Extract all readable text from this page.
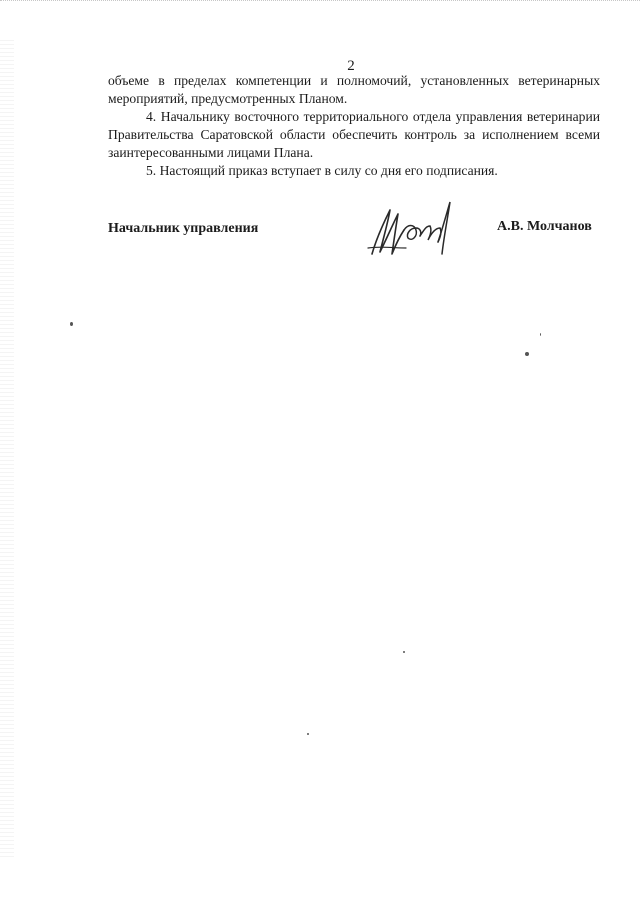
2

объеме в пределах компетенции и полномочий, установленных ветеринарных мероприятий, предусмотренных Планом.

4. Начальнику восточного территориального отдела управления ветеринарии Правительства Саратовской области обеспечить контроль за исполнением всеми заинтересованными лицами Плана.

5. Настоящий приказ вступает в силу со дня его подписания.

Начальник управления	А.В. Молчанов
